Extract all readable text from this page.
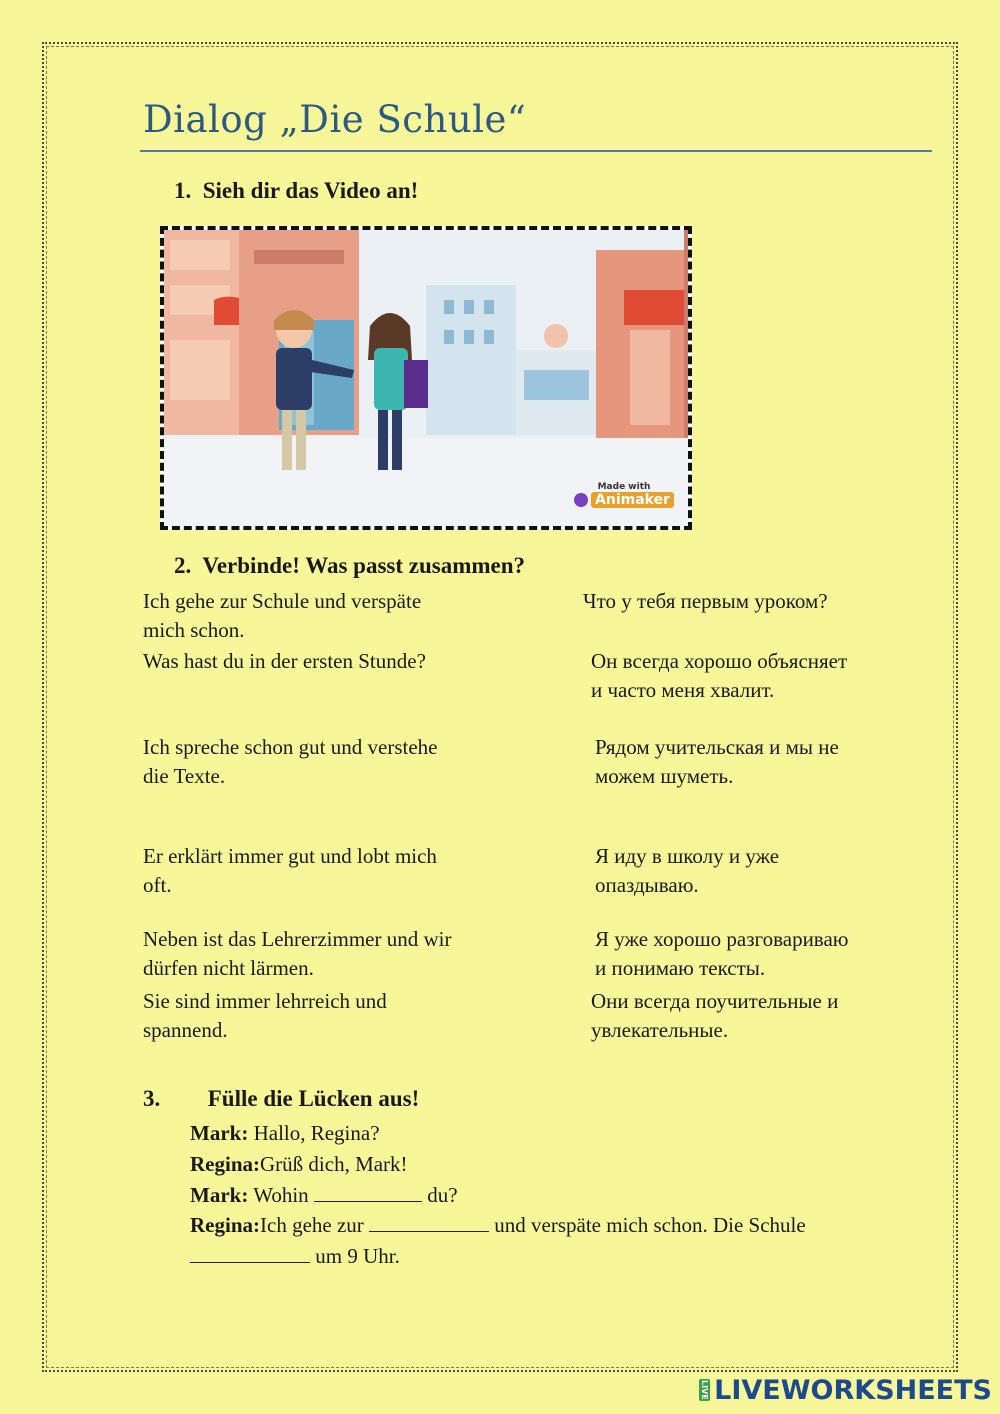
Dialog „Die Schule“
1. Sieh dir das Video an!
Made with
Animaker
2. Verbinde! Was passt zusammen?
Ich gehe zur Schule und verspäte
mich schon.
Was hast du in der ersten Stunde?
Ich spreche schon gut und verstehe
die Texte.
Er erklärt immer gut und lobt mich
oft.
Neben ist das Lehrerzimmer und wir
dürfen nicht lärmen.
Sie sind immer lehrreich und
spannend.
Что у тебя первым уроком?
Он всегда хорошо объясняет
и часто меня хвалит.
Рядом учительская и мы не
можем шуметь.
Я иду в школу и уже
опаздываю.
Я уже хорошо разговариваю
и понимаю тексты.
Они всегда поучительные и
увлекательные.
3. Fülle die Lücken aus!
Mark: Hallo, Regina?
Regina:Grüß dich, Mark!
Mark: Wohin	du?
Regina:Ich gehe zur	und verspäte mich schon. Die Schule
um 9 Uhr.
LIVE LIVEWORKSHEETS
